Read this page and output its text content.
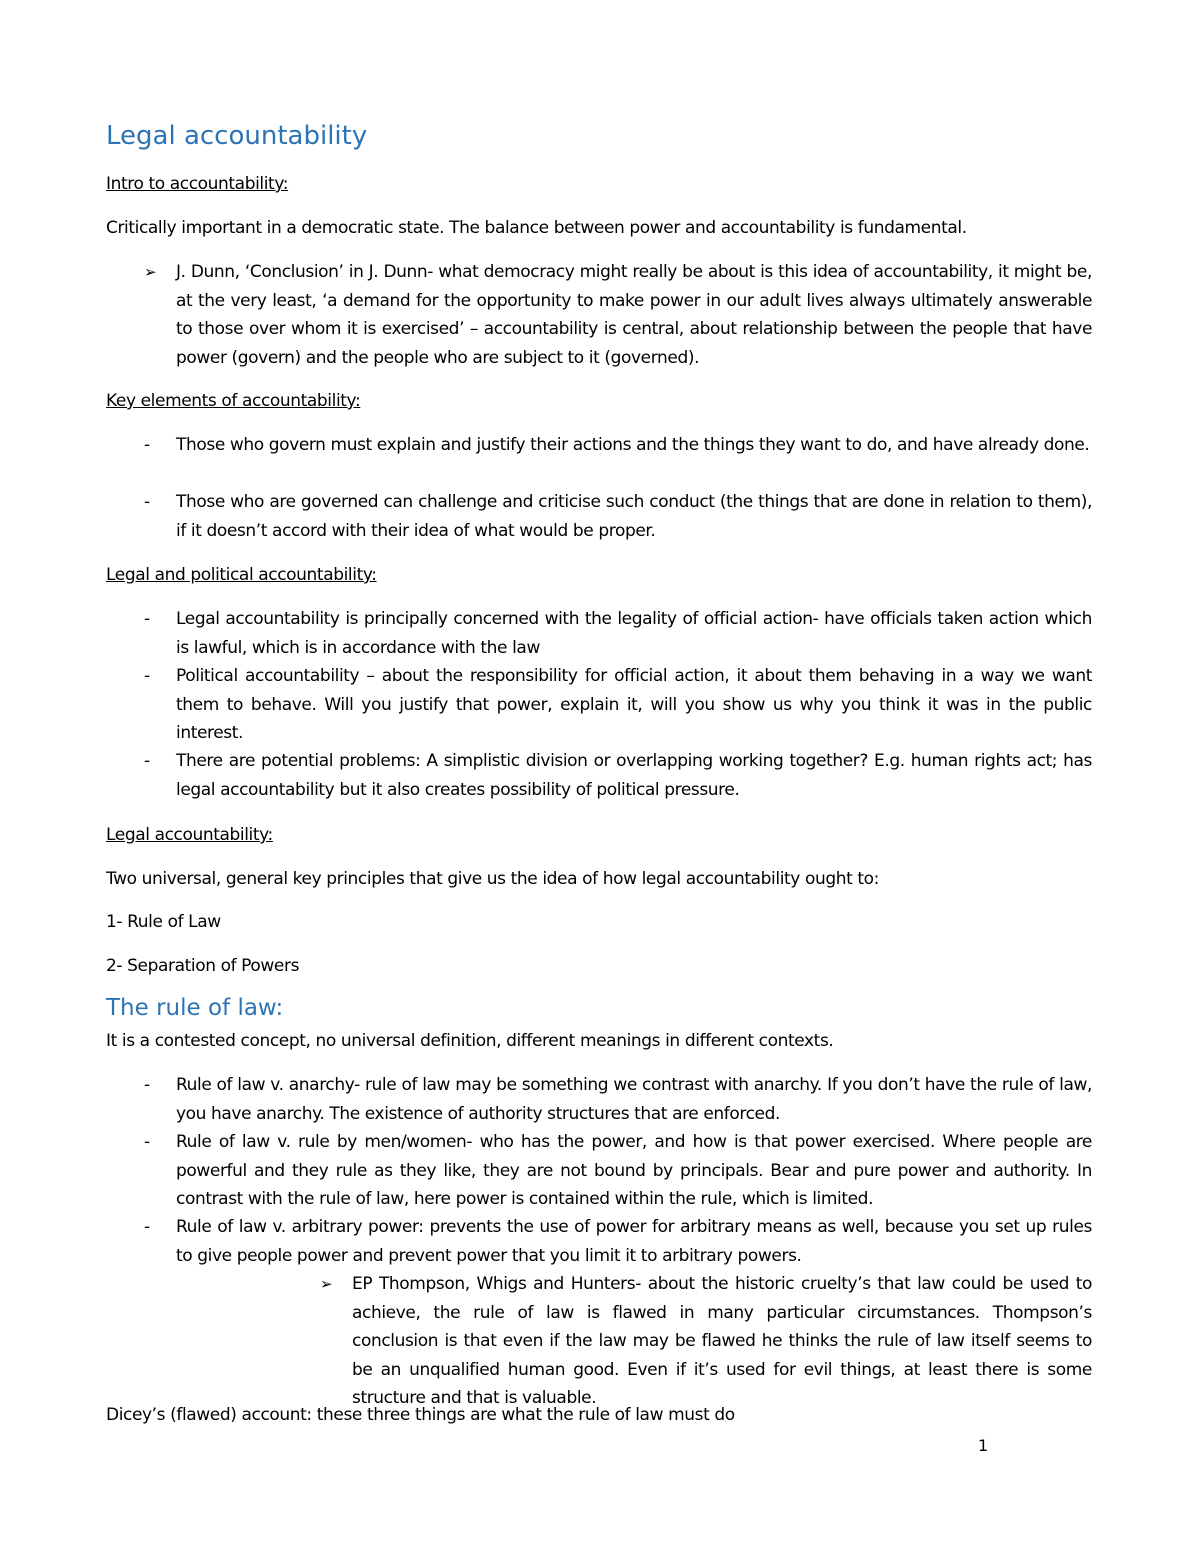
Legal accountability

Intro to accountability:

Critically important in a democratic state. The balance between power and accountability is fundamental.

➢ J. Dunn, ‘Conclusion’ in J. Dunn- what democracy might really be about is this idea of accountability, it might be, at the very least, ‘a demand for the opportunity to make power in our adult lives always ultimately answerable to those over whom it is exercised’ – accountability is central, about relationship between the people that have power (govern) and the people who are subject to it (governed).

Key elements of accountability:

- Those who govern must explain and justify their actions and the things they want to do, and have already done.
- Those who are governed can challenge and criticise such conduct (the things that are done in relation to them), if it doesn’t accord with their idea of what would be proper.

Legal and political accountability:

- Legal accountability is principally concerned with the legality of official action- have officials taken action which is lawful, which is in accordance with the law
- Political accountability – about the responsibility for official action, it about them behaving in a way we want them to behave. Will you justify that power, explain it, will you show us why you think it was in the public interest.
- There are potential problems: A simplistic division or overlapping working together? E.g. human rights act; has legal accountability but it also creates possibility of political pressure.

Legal accountability:

Two universal, general key principles that give us the idea of how legal accountability ought to:

1- Rule of Law

2- Separation of Powers

The rule of law:

It is a contested concept, no universal definition, different meanings in different contexts.

- Rule of law v. anarchy- rule of law may be something we contrast with anarchy. If you don’t have the rule of law, you have anarchy. The existence of authority structures that are enforced.
- Rule of law v. rule by men/women- who has the power, and how is that power exercised. Where people are powerful and they rule as they like, they are not bound by principals. Bear and pure power and authority. In contrast with the rule of law, here power is contained within the rule, which is limited.
- Rule of law v. arbitrary power: prevents the use of power for arbitrary means as well, because you set up rules to give people power and prevent power that you limit it to arbitrary powers.
➢ EP Thompson, Whigs and Hunters- about the historic cruelty’s that law could be used to achieve, the rule of law is flawed in many particular circumstances. Thompson’s conclusion is that even if the law may be flawed he thinks the rule of law itself seems to be an unqualified human good. Even if it’s used for evil things, at least there is some structure and that is valuable.

Dicey’s (flawed) account: these three things are what the rule of law must do

1
